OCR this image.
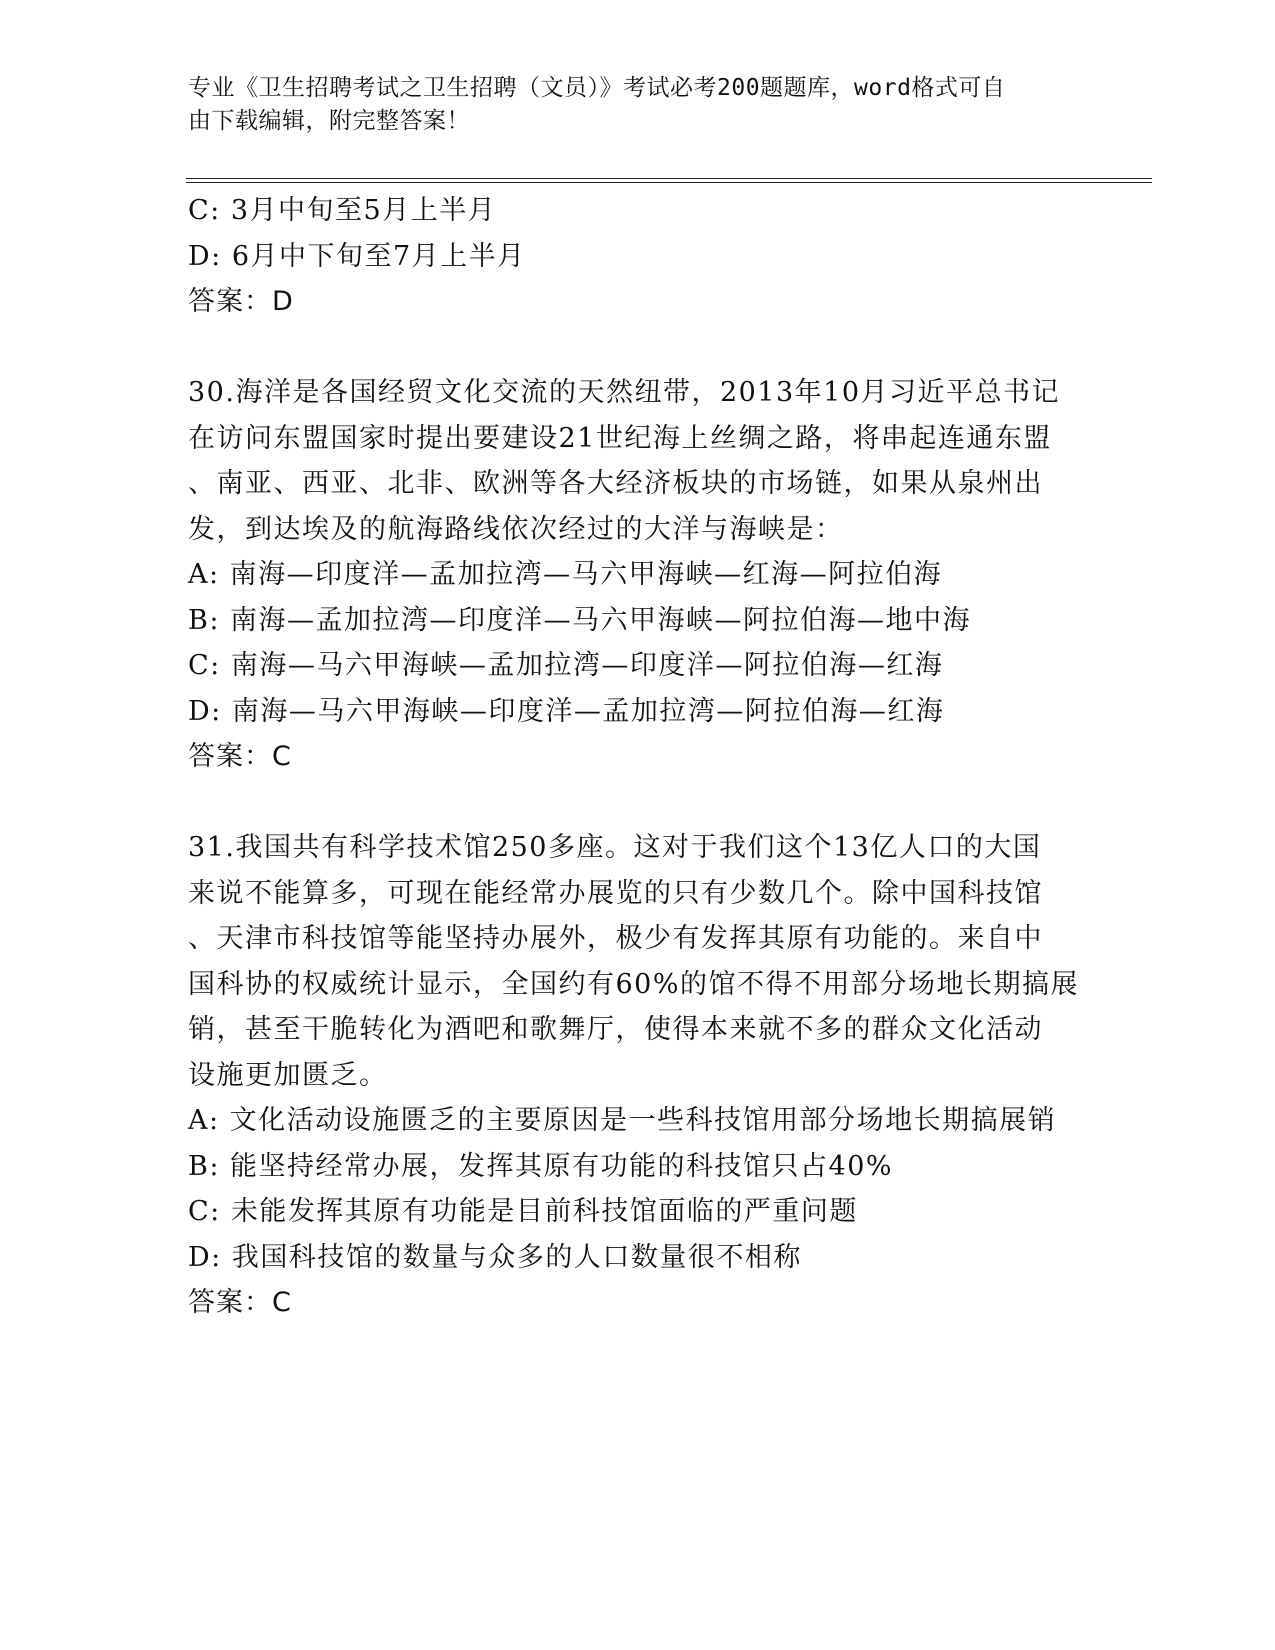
专业《卫生招聘考试之卫生招聘（文员）》考试必考200题题库，word格式可自
由下载编辑，附完整答案！
C: 3月中旬至5月上半月
D: 6月中下旬至7月上半月
答案：D
30.海洋是各国经贸文化交流的天然纽带，2013年10月习近平总书记
在访问东盟国家时提出要建设21世纪海上丝绸之路，将串起连通东盟
、南亚、西亚、北非、欧洲等各大经济板块的市场链，如果从泉州出
发，到达埃及的航海路线依次经过的大洋与海峡是：
A: 南海—印度洋—孟加拉湾—马六甲海峡—红海—阿拉伯海
B: 南海—孟加拉湾—印度洋—马六甲海峡—阿拉伯海—地中海
C: 南海—马六甲海峡—孟加拉湾—印度洋—阿拉伯海—红海
D: 南海—马六甲海峡—印度洋—孟加拉湾—阿拉伯海—红海
答案：C
31.我国共有科学技术馆250多座。这对于我们这个13亿人口的大国
来说不能算多，可现在能经常办展览的只有少数几个。除中国科技馆
、天津市科技馆等能坚持办展外，极少有发挥其原有功能的。来自中
国科协的权威统计显示，全国约有60%的馆不得不用部分场地长期搞展
销，甚至干脆转化为酒吧和歌舞厅，使得本来就不多的群众文化活动
设施更加匮乏。
A: 文化活动设施匮乏的主要原因是一些科技馆用部分场地长期搞展销
B: 能坚持经常办展，发挥其原有功能的科技馆只占40%
C: 未能发挥其原有功能是目前科技馆面临的严重问题
D: 我国科技馆的数量与众多的人口数量很不相称
答案：C
